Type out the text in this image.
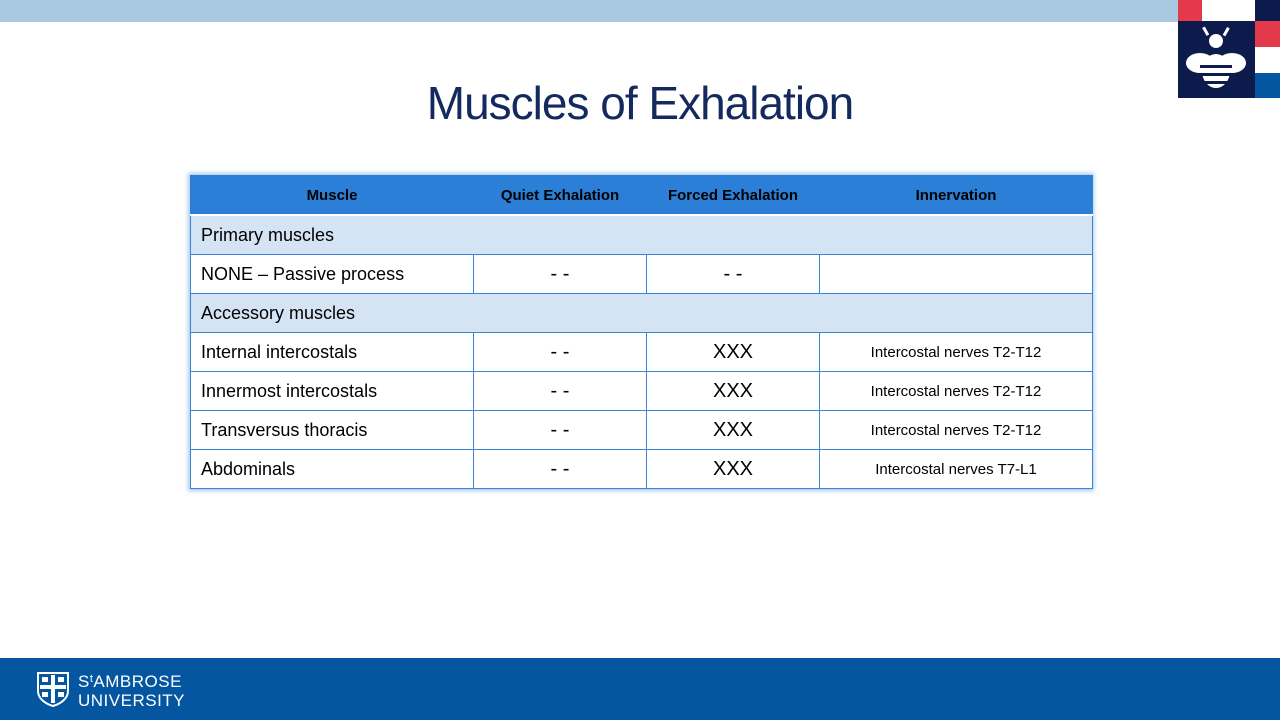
Muscles of Exhalation
Muscle	Quiet Exhalation	Forced Exhalation	Innervation
Primary muscles			
NONE – Passive process	- -	- -	
Accessory muscles			
Internal intercostals	- -	XXX	Intercostal nerves T2-T12
Innermost intercostals	- -	XXX	Intercostal nerves T2-T12
Transversus thoracis	- -	XXX	Intercostal nerves T2-T12
Abdominals	- -	XXX	Intercostal nerves T7-L1
$S^tAMBROSE$
UNIVERSITY
